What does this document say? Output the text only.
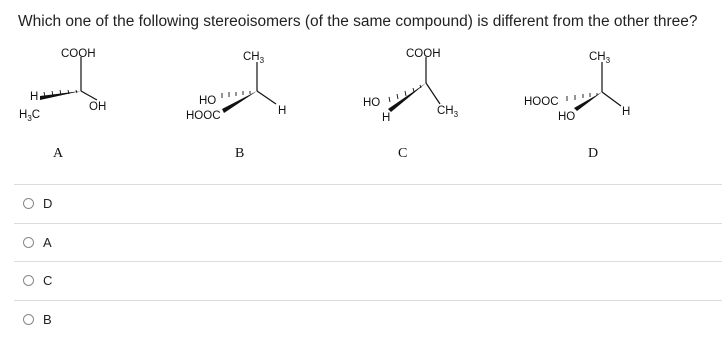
Which one of the following stereoisomers (of the same compound) is different from the other three?
COOH
H
$H_3C$
OH
$CH_3$
HO
HOOC	H
COOH
HO
H
$CH_3$
$CH_3$
HOOC
HO	H
A	B	C	D
D
A
C
B
